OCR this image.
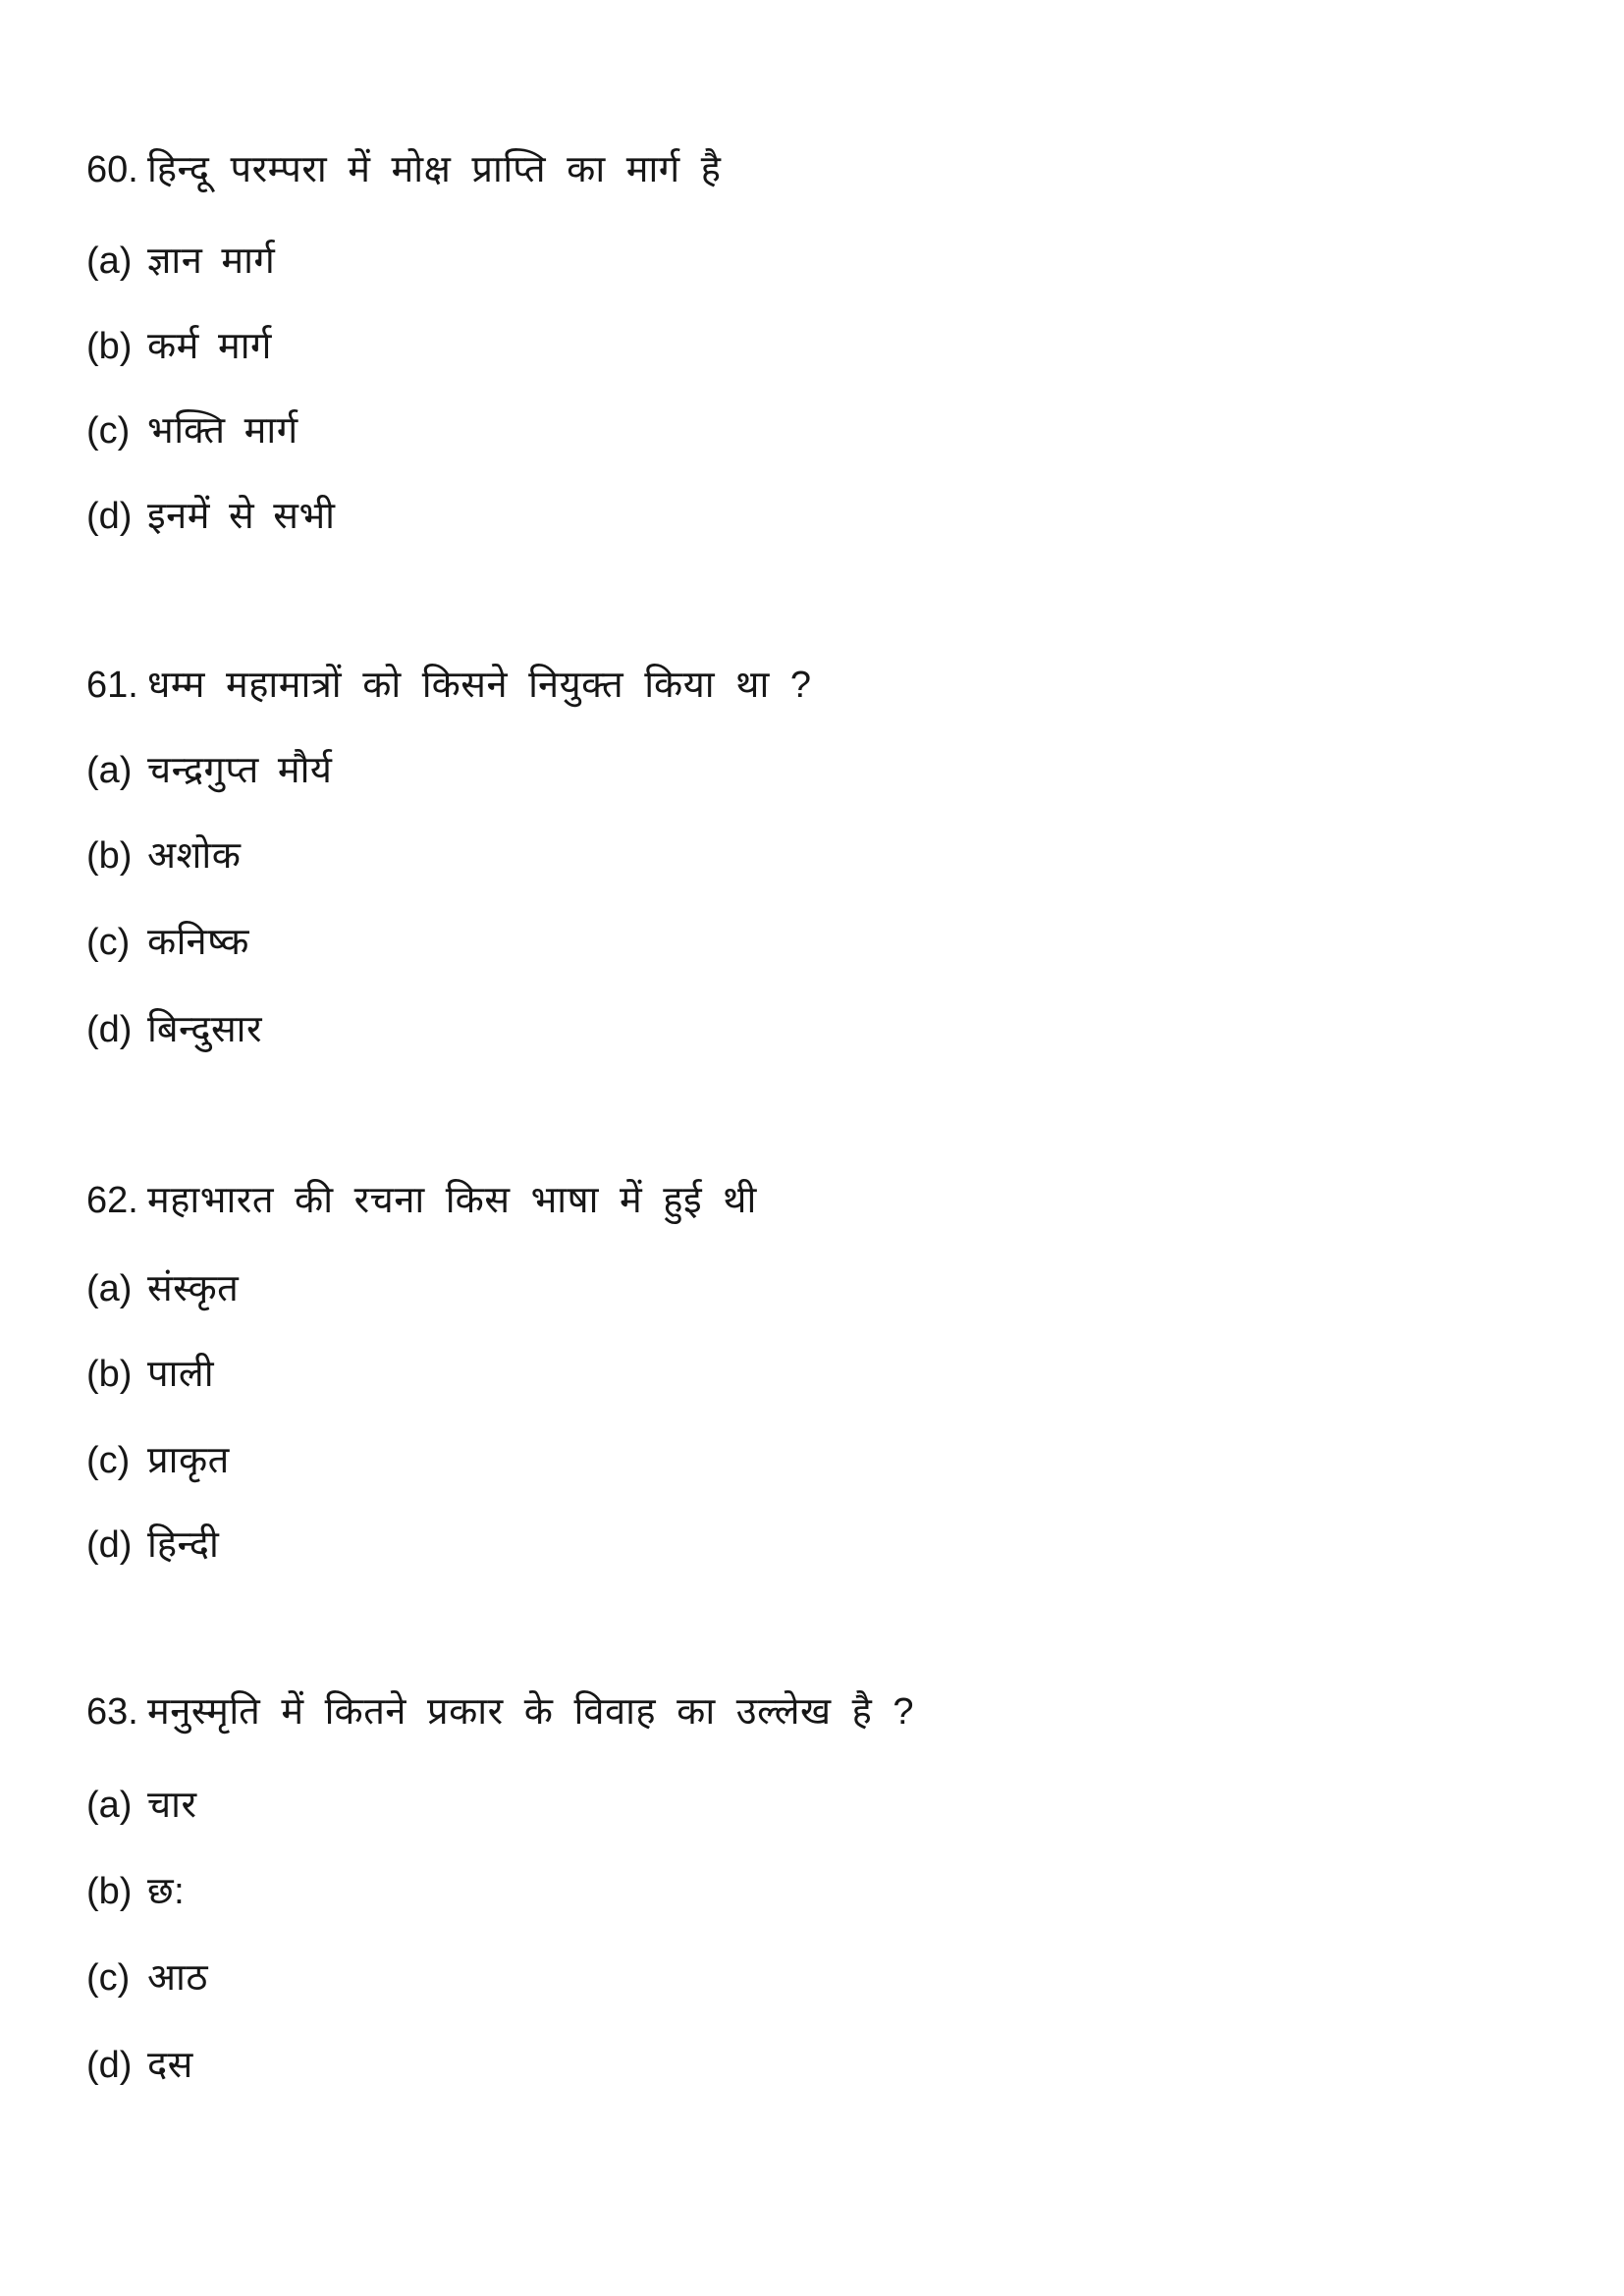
60. हिन्दू परम्परा में मोक्ष प्राप्ति का मार्ग है
(a) ज्ञान मार्ग
(b) कर्म मार्ग
(c) भक्ति मार्ग
(d) इनमें से सभी
61. धम्म महामात्रों को किसने नियुक्त किया था ?
(a) चन्द्रगुप्त मौर्य
(b) अशोक
(c) कनिष्क
(d) बिन्दुसार
62. महाभारत की रचना किस भाषा में हुई थी
(a) संस्कृत
(b) पाली
(c) प्राकृत
(d) हिन्दी
63. मनुस्मृति में कितने प्रकार के विवाह का उल्लेख है ?
(a) चार
(b) छ:
(c) आठ
(d) दस
